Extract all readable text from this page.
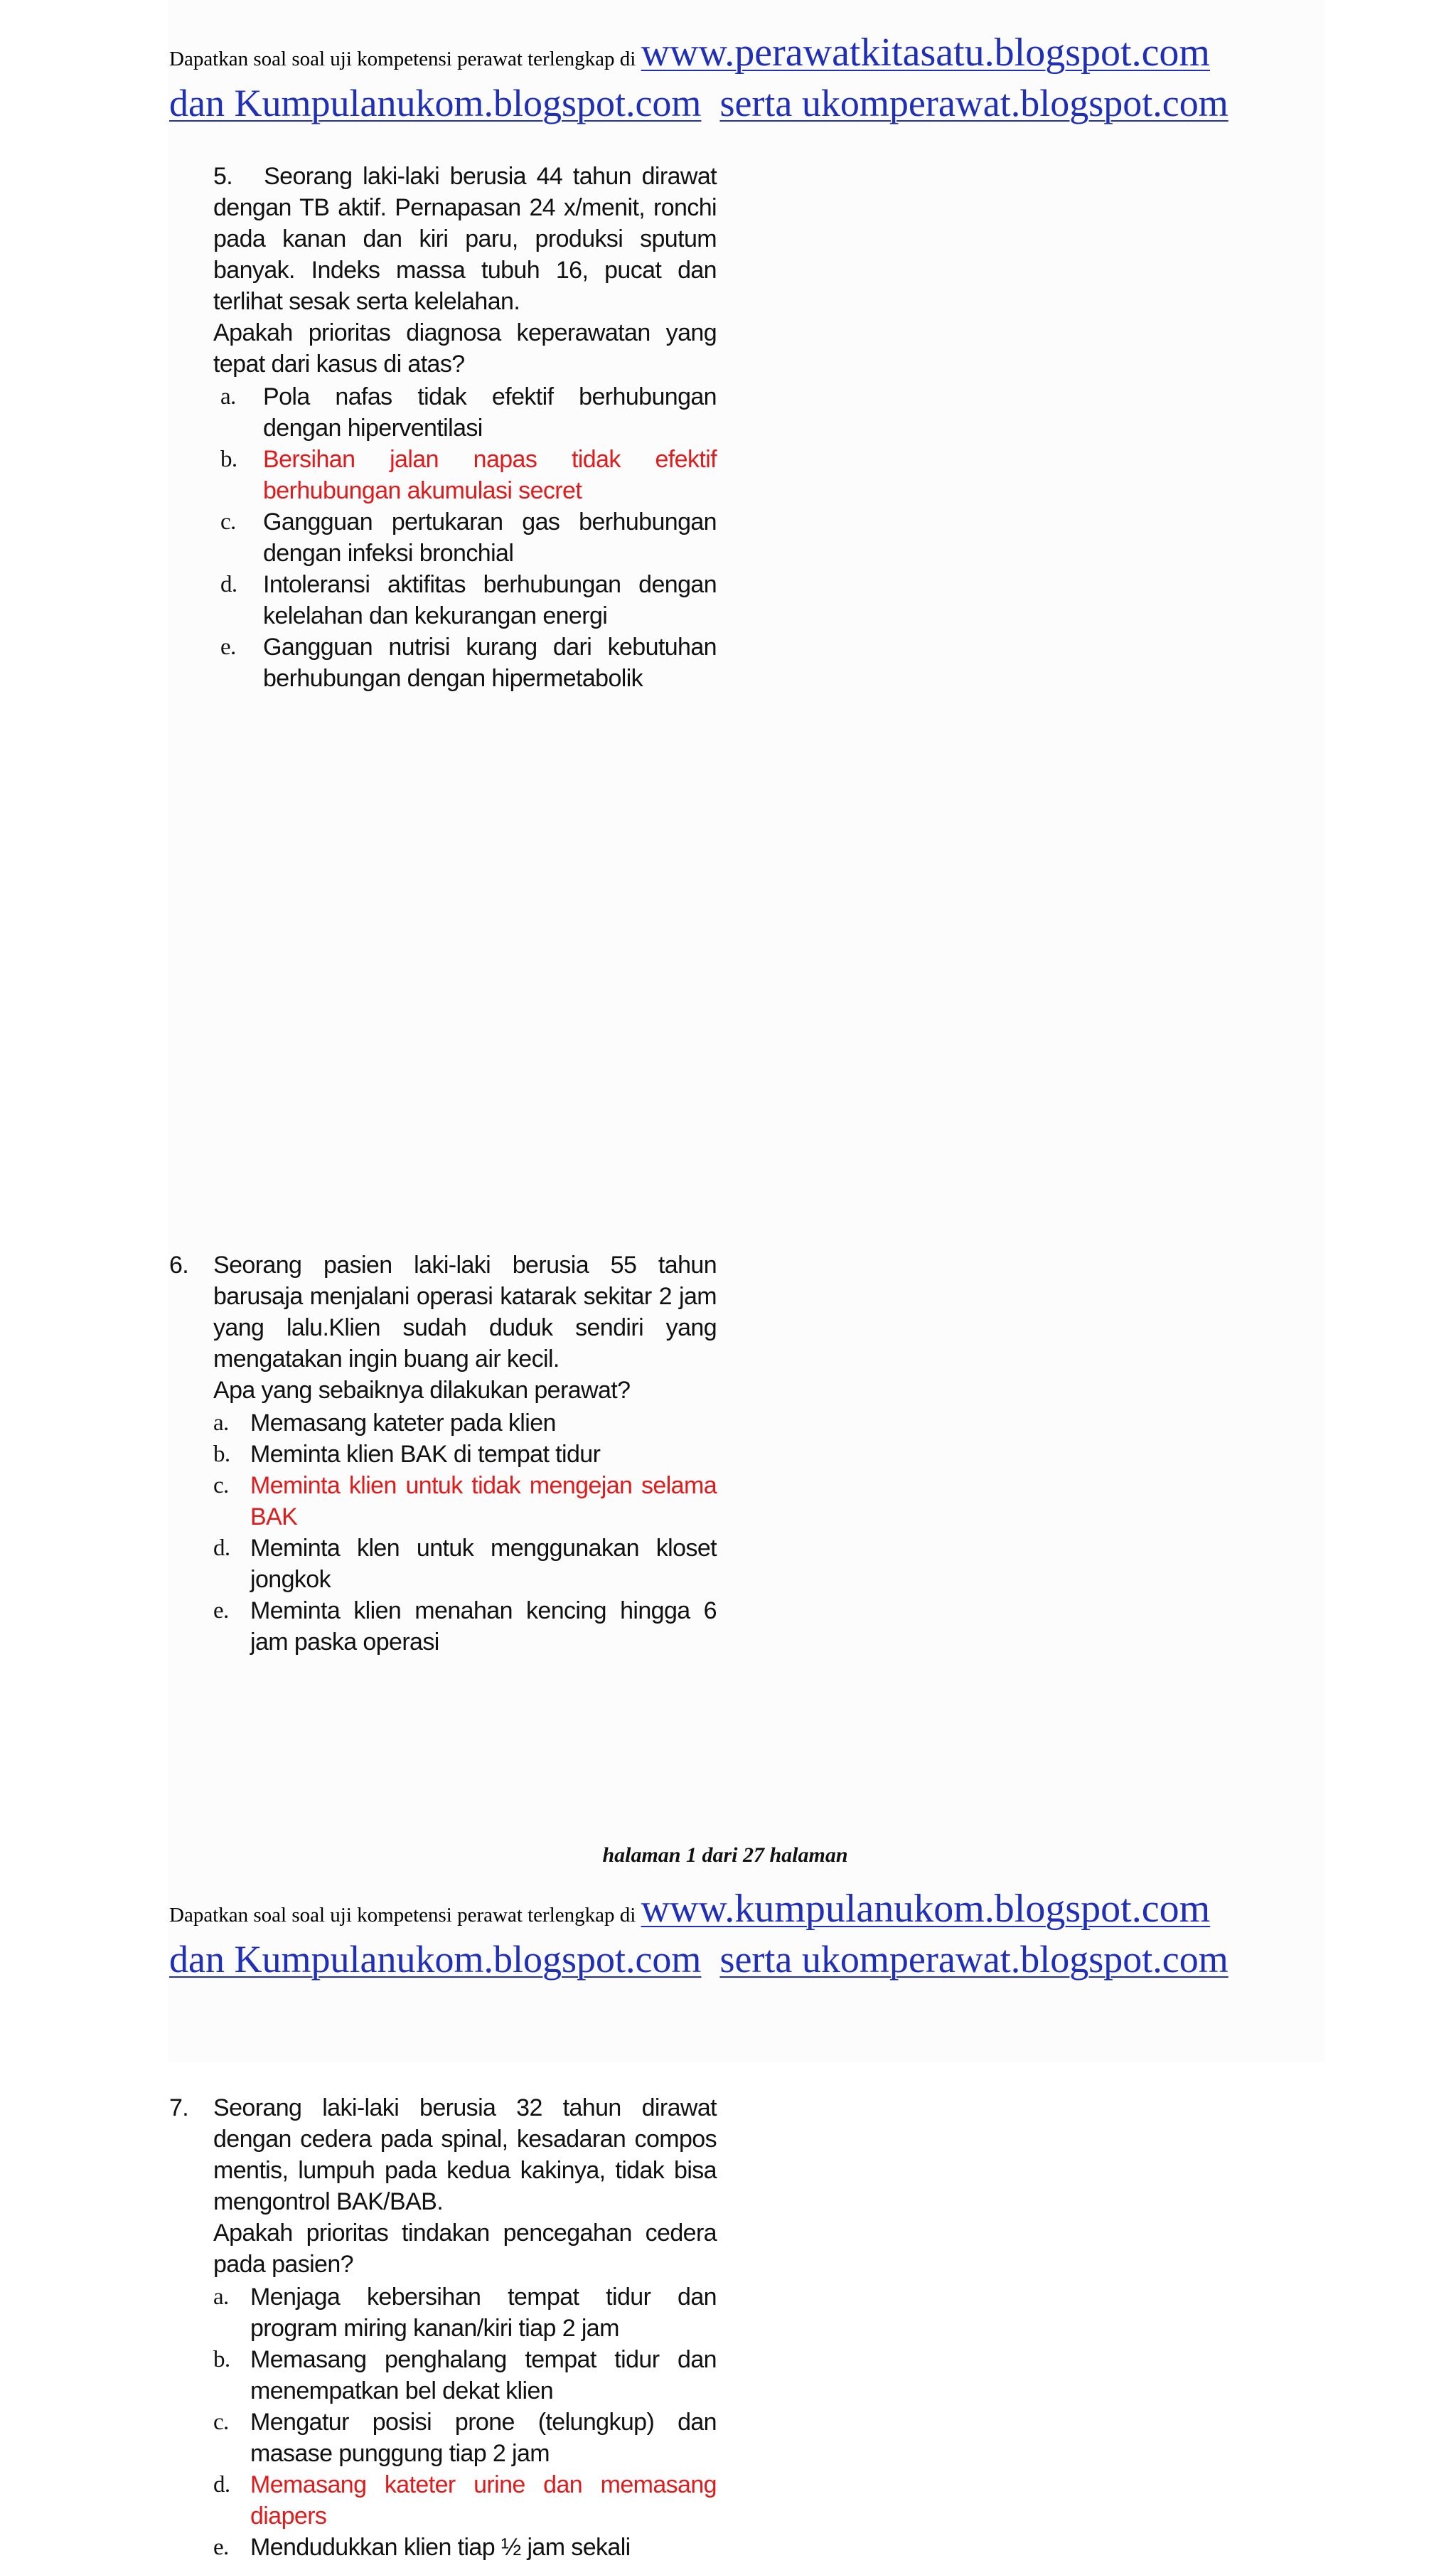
Dapatkan soal soal uji kompetensi perawat terlengkap di www.perawatkitasatu.blogspot.com
dan Kumpulanukom.blogspot.com serta ukomperawat.blogspot.com
5. Seorang laki-laki berusia 44 tahun dirawat dengan TB aktif. Pernapasan 24 x/menit, ronchi pada kanan dan kiri paru, produksi sputum banyak. Indeks massa tubuh 16, pucat dan terlihat sesak serta kelelahan.
Apakah prioritas diagnosa keperawatan yang tepat dari kasus di atas?
a. Pola nafas tidak efektif berhubungan dengan hiperventilasi
b. Bersihan jalan napas tidak efektif berhubungan akumulasi secret
c. Gangguan pertukaran gas berhubungan dengan infeksi bronchial
d. Intoleransi aktifitas berhubungan dengan kelelahan dan kekurangan energi
e. Gangguan nutrisi kurang dari kebutuhan berhubungan dengan hipermetabolik
6. Seorang pasien laki-laki berusia 55 tahun barusaja menjalani operasi katarak sekitar 2 jam yang lalu.Klien sudah duduk sendiri yang mengatakan ingin buang air kecil.
Apa yang sebaiknya dilakukan perawat?
a. Memasang kateter pada klien
b. Meminta klien BAK di tempat tidur
c. Meminta klien untuk tidak mengejan selama BAK
d. Meminta klen untuk menggunakan kloset jongkok
e. Meminta klien menahan kencing hingga 6 jam paska operasi
7. Seorang laki-laki berusia 32 tahun dirawat dengan cedera pada spinal, kesadaran compos mentis, lumpuh pada kedua kakinya, tidak bisa mengontrol BAK/BAB.
Apakah prioritas tindakan pencegahan cedera pada pasien?
a. Menjaga kebersihan tempat tidur dan program miring kanan/kiri tiap 2 jam
b. Memasang penghalang tempat tidur dan menempatkan bel dekat klien
c. Mengatur posisi prone (telungkup) dan masase punggung tiap 2 jam
d. Memasang kateter urine dan memasang diapers
e. Mendudukkan klien tiap ½ jam sekali
halaman 1 dari 27 halaman
Dapatkan soal soal uji kompetensi perawat terlengkap di www.kumpulanukom.blogspot.com
dan Kumpulanukom.blogspot.com serta ukomperawat.blogspot.com
